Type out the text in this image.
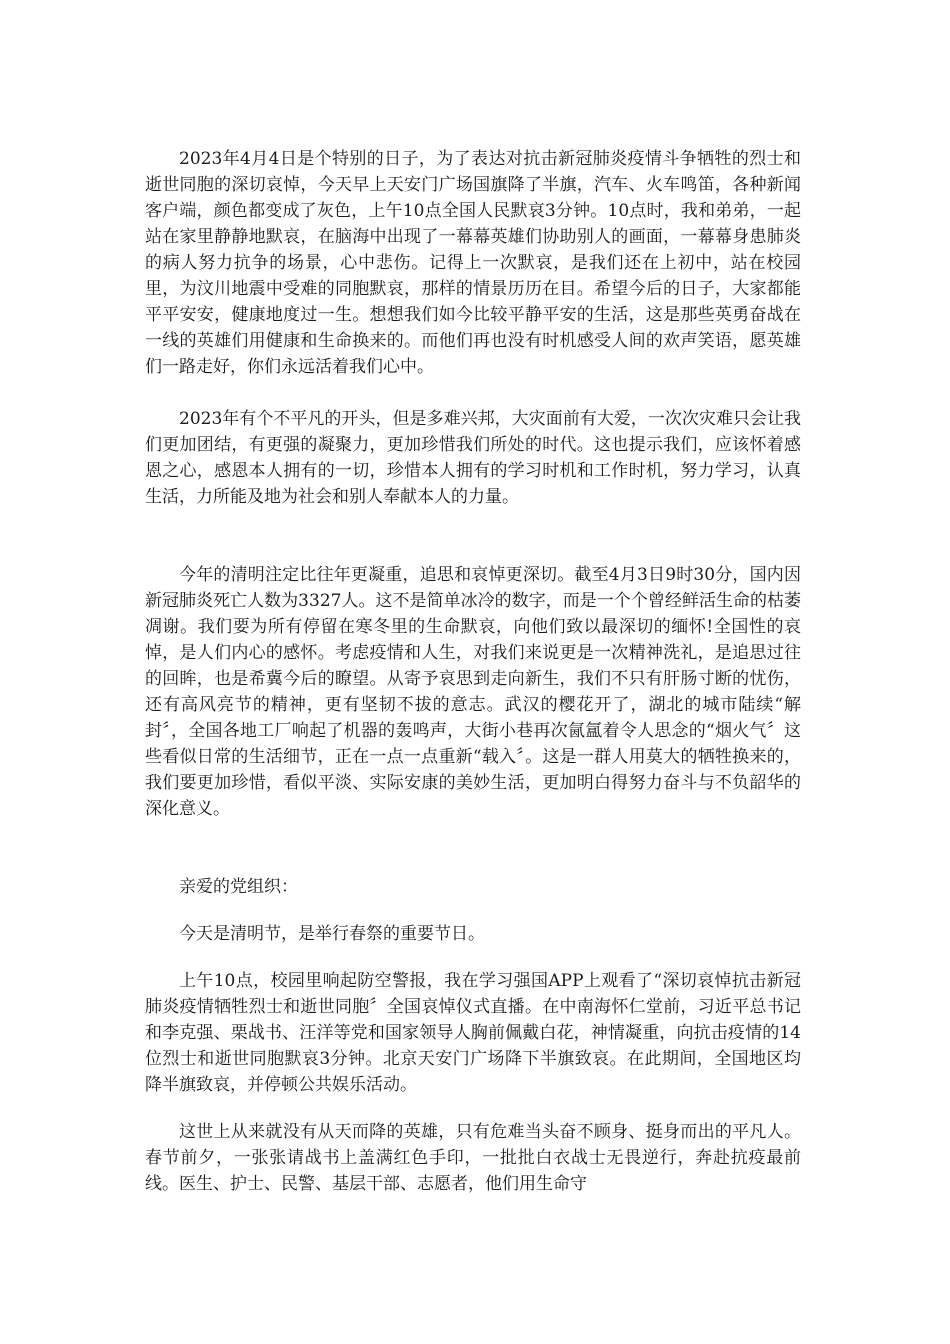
2023年4月4日是个特别的日子，为了表达对抗击新冠肺炎疫情斗争牺牲的烈士和逝世同胞的深切哀悼，今天早上天安门广场国旗降了半旗，汽车、火车鸣笛，各种新闻客户端，颜色都变成了灰色，上午10点全国人民默哀3分钟。10点时，我和弟弟，一起站在家里静静地默哀，在脑海中出现了一幕幕英雄们协助别人的画面，一幕幕身患肺炎的病人努力抗争的场景，心中悲伤。记得上一次默哀，是我们还在上初中，站在校园里，为汶川地震中受难的同胞默哀，那样的情景历历在目。希望今后的日子，大家都能平平安安，健康地度过一生。想想我们如今比较平静平安的生活，这是那些英勇奋战在一线的英雄们用健康和生命换来的。而他们再也没有时机感受人间的欢声笑语，愿英雄们一路走好，你们永远活着我们心中。

2023年有个不平凡的开头，但是多难兴邦，大灾面前有大爱，一次次灾难只会让我们更加团结，有更强的凝聚力，更加珍惜我们所处的时代。这也提示我们，应该怀着感恩之心，感恩本人拥有的一切，珍惜本人拥有的学习时机和工作时机，努力学习，认真生活，力所能及地为社会和别人奉献本人的力量。

今年的清明注定比往年更凝重，追思和哀悼更深切。截至4月3日9时30分，国内因新冠肺炎死亡人数为3327人。这不是简单冰冷的数字，而是一个个曾经鲜活生命的枯萎凋谢。我们要为所有停留在寒冬里的生命默哀，向他们致以最深切的缅怀!全国性的哀悼，是人们内心的感怀。考虑疫情和人生，对我们来说更是一次精神洗礼，是追思过往的回眸，也是希冀今后的瞭望。从寄予哀思到走向新生，我们不只有肝肠寸断的忧伤，还有高风亮节的精神，更有坚韧不拔的意志。武汉的樱花开了，湖北的城市陆续“解封〞，全国各地工厂响起了机器的轰鸣声，大街小巷再次氤氲着令人思念的“烟火气〞这些看似日常的生活细节，正在一点一点重新“载入〞。这是一群人用莫大的牺牲换来的，我们要更加珍惜，看似平淡、实际安康的美妙生活，更加明白得努力奋斗与不负韶华的深化意义。

亲爱的党组织：

今天是清明节，是举行春祭的重要节日。

上午10点，校园里响起防空警报，我在学习强国APP上观看了“深切哀悼抗击新冠肺炎疫情牺牲烈士和逝世同胞〞全国哀悼仪式直播。在中南海怀仁堂前，习近平总书记和李克强、栗战书、汪洋等党和国家领导人胸前佩戴白花，神情凝重，向抗击疫情的14位烈士和逝世同胞默哀3分钟。北京天安门广场降下半旗致哀。在此期间，全国地区均降半旗致哀，并停顿公共娱乐活动。

这世上从来就没有从天而降的英雄，只有危难当头奋不顾身、挺身而出的平凡人。春节前夕，一张张请战书上盖满红色手印，一批批白衣战士无畏逆行，奔赴抗疫最前线。医生、护士、民警、基层干部、志愿者，他们用生命守
